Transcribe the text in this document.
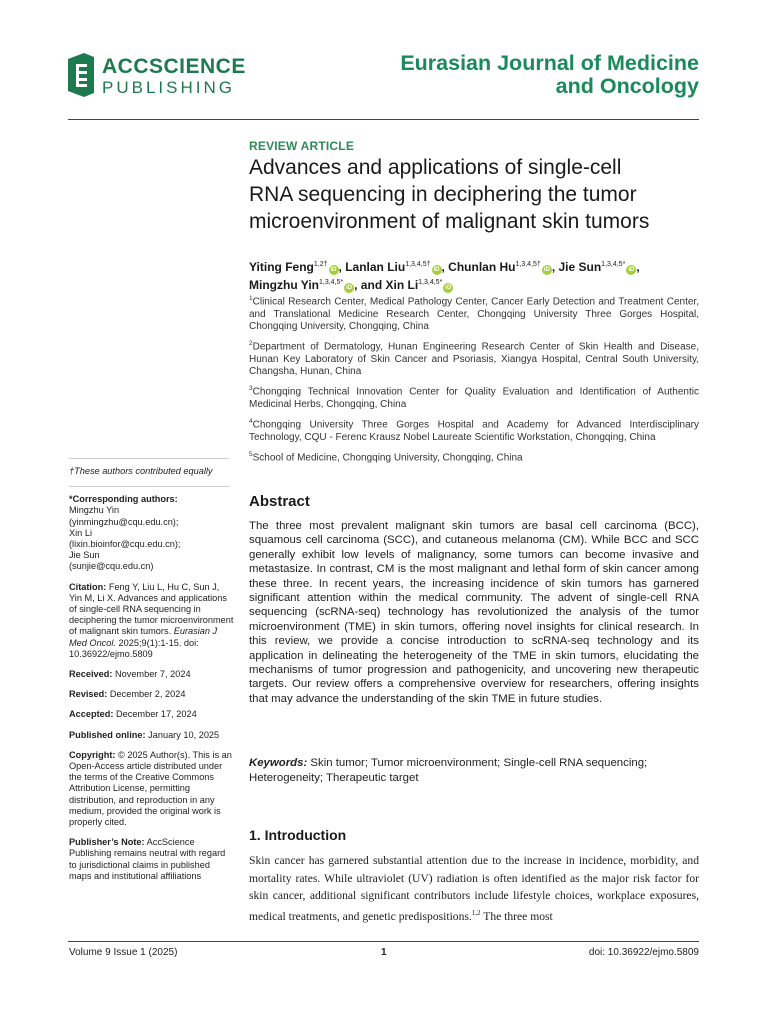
ACCSCIENCE
PUBLISHING
Eurasian Journal of Medicine
and Oncology
REVIEW ARTICLE
Advances and applications of single-cell
RNA sequencing in deciphering the tumor
microenvironment of malignant skin tumors
Yiting Feng$^{1,2\dagger}$iD , Lanlan Liu$^{1,3,4,5\dagger}$iD , Chunlan $Hu^{1,3,4,5\dagger}iD$ , Jie Sun$^{1,3,4,5*}$iD ,
Mingzhu Yin$^{1,3,4,5*}$iD , and Xin $Li^{1,3,4,5*}iD$
$^1$Clinical Research Center, Medical Pathology Center, Cancer Early Detection and Treatment Center, and Translational Medicine Research Center, Chongqing University Three Gorges Hospital, Chongqing University, Chongqing, China
$^2$Department of Dermatology, Hunan Engineering Research Center of Skin Health and Disease, Hunan Key Laboratory of Skin Cancer and Psoriasis, Xiangya Hospital, Central South University, Changsha, Hunan, China
$^3$Chongqing Technical Innovation Center for Quality Evaluation and Identification of Authentic Medicinal Herbs, Chongqing, China
$^4$Chongqing University Three Gorges Hospital and Academy for Advanced Interdisciplinary Technology, CQU - Ferenc Krausz Nobel Laureate Scientific Workstation, Chongqing, China
$^5$School of Medicine, Chongqing University, Chongqing, China
†These authors contributed equally
*Corresponding authors:
Mingzhu Yin
(yinmingzhu@cqu.edu.cn);
Xin Li
(lixin.bioinfor@cqu.edu.cn);
Jie Sun
(sunjie@cqu.edu.cn)
Citation: Feng Y, Liu L, Hu C, Sun J, Yin M, Li X. Advances and applications of single-cell RNA sequencing in deciphering the tumor microenvironment of malignant skin tumors. Eurasian J Med Oncol. 2025;9(1):1-15. doi: 10.36922/ejmo.5809
Received: November 7, 2024
Revised: December 2, 2024
Accepted: December 17, 2024
Published online: January 10, 2025
Copyright: © 2025 Author(s). This is an Open-Access article distributed under the terms of the Creative Commons Attribution License, permitting distribution, and reproduction in any medium, provided the original work is properly cited.
Publisher’s Note: AccScience Publishing remains neutral with regard to jurisdictional claims in published maps and institutional affiliations
Abstract
The three most prevalent malignant skin tumors are basal cell carcinoma (BCC), squamous cell carcinoma (SCC), and cutaneous melanoma (CM). While BCC and SCC generally exhibit low levels of malignancy, some tumors can become invasive and metastasize. In contrast, CM is the most malignant and lethal form of skin cancer among these three. In recent years, the increasing incidence of skin tumors has garnered significant attention within the medical community. The advent of single-cell RNA sequencing (scRNA-seq) technology has revolutionized the analysis of the tumor microenvironment (TME) in skin tumors, offering novel insights for clinical research. In this review, we provide a concise introduction to scRNA-seq technology and its application in delineating the heterogeneity of the TME in skin tumors, elucidating the mechanisms of tumor progression and pathogenicity, and uncovering new therapeutic targets. Our review offers a comprehensive overview for researchers, offering insights that may advance the understanding of the skin TME in future studies.
Keywords: Skin tumor; Tumor microenvironment; Single-cell RNA sequencing; Heterogeneity; Therapeutic target
1. Introduction
Skin cancer has garnered substantial attention due to the increase in incidence, morbidity, and mortality rates. While ultraviolet (UV) radiation is often identified as the major risk factor for skin cancer, additional significant contributors include lifestyle choices, workplace exposures, medical treatments, and genetic predispositions.$^{1,2}$ The three most
Volume 9 Issue 1 (2025)	1	doi: 10.36922/ejmo.5809
